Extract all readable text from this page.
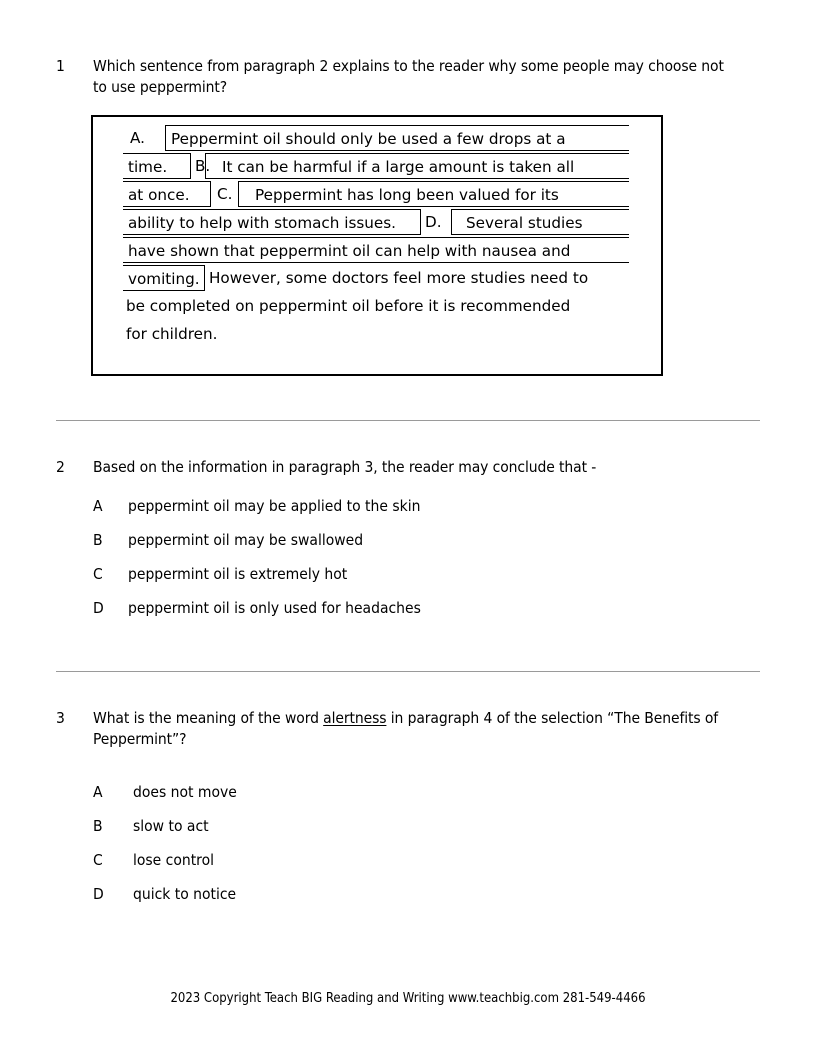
1 Which sentence from paragraph 2 explains to the reader why some people may choose not to use peppermint?
A.	Peppermint oil should only be used a few drops at a
time.	B. It can be harmful if a large amount is taken all
at once.	C.	Peppermint has long been valued for its
ability to help with stomach issues.	D.	Several studies
have shown that peppermint oil can help with nausea and
vomiting. However, some doctors feel more studies need to
be completed on peppermint oil before it is recommended
for children.
2 Based on the information in paragraph 3, the reader may conclude that -
A peppermint oil may be applied to the skin
B peppermint oil may be swallowed
C peppermint oil is extremely hot
D peppermint oil is only used for headaches
3 What is the meaning of the word alertness in paragraph 4 of the selection “The Benefits of Peppermint”?
A does not move
B slow to act
C lose control
D quick to notice
2023 Copyright Teach BIG Reading and Writing www.teachbig.com 281-549-4466
